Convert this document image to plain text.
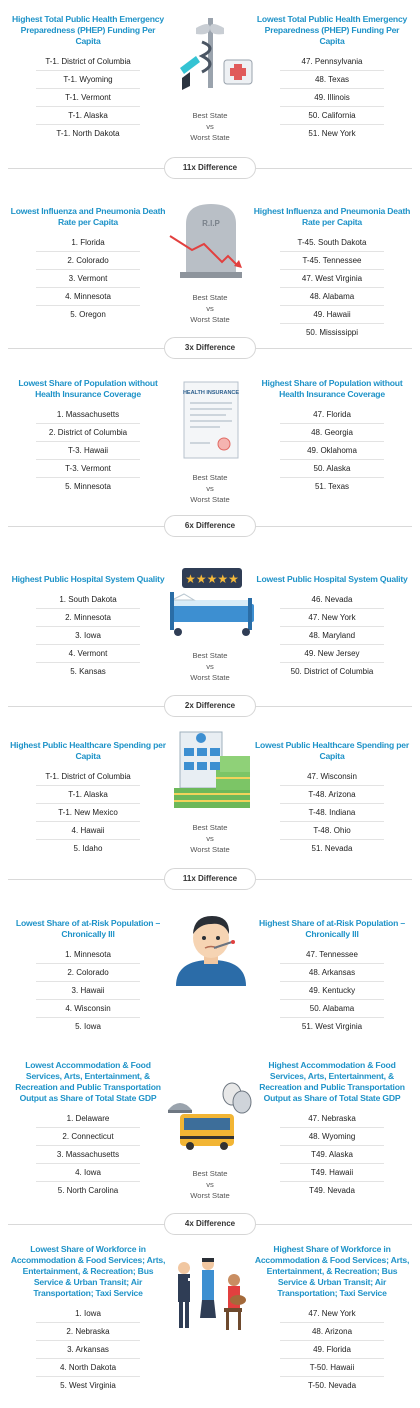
Highest Total Public Health Emergency Preparedness (PHEP) Funding Per Capita
T-1. District of Columbia
T-1. Wyoming
T-1. Vermont
T-1. Alaska
T-1. North Dakota
Best State
vs
Worst State
Lowest Total Public Health Emergency Preparedness (PHEP) Funding Per Capita
47. Pennsylvania
48. Texas
49. Illinois
50. California
51. New York
11x Difference
Lowest Influenza and Pneumonia Death Rate per Capita
1. Florida
2. Colorado
3. Vermont
4. Minnesota
5. Oregon
R.I.P
Best State
vs
Worst State
Highest Influenza and Pneumonia Death Rate per Capita
T-45. South Dakota
T-45. Tennessee
47. West Virginia
48. Alabama
49. Hawaii
50. Mississippi
3x Difference
Lowest Share of Population without Health Insurance Coverage
1. Massachusetts
2. District of Columbia
T-3. Hawaii
T-3. Vermont
5. Minnesota
HEALTH INSURANCE
Best State
vs
Worst State
Highest Share of Population without Health Insurance Coverage
47. Florida
48. Georgia
49. Oklahoma
50. Alaska
51. Texas
6x Difference
Highest Public Hospital System Quality
1. South Dakota
2. Minnesota
3. Iowa
4. Vermont
5. Kansas
★★★★★
Best State
vs
Worst State
Lowest Public Hospital System Quality
46. Nevada
47. New York
48. Maryland
49. New Jersey
50. District of Columbia
2x Difference
Highest Public Healthcare Spending per Capita
T-1. District of Columbia
T-1. Alaska
T-1. New Mexico
4. Hawaii
5. Idaho
Best State
vs
Worst State
Lowest Public Healthcare Spending per Capita
47. Wisconsin
T-48. Arizona
T-48. Indiana
T-48. Ohio
51. Nevada
11x Difference
Lowest Share of at-Risk Population – Chronically Ill
1. Minnesota
2. Colorado
3. Hawaii
4. Wisconsin
5. Iowa
Highest Share of at-Risk Population – Chronically Ill
47. Tennessee
48. Arkansas
49. Kentucky
50. Alabama
51. West Virginia
Lowest Accommodation & Food Services, Arts, Entertainment, & Recreation and Public Transportation Output as Share of Total State GDP
1. Delaware
2. Connecticut
3. Massachusetts
4. Iowa
5. North Carolina
Best State
vs
Worst State
Highest Accommodation & Food Services, Arts, Entertainment, & Recreation and Public Transportation Output as Share of Total State GDP
47. Nebraska
48. Wyoming
T49. Alaska
T49. Hawaii
T49. Nevada
4x Difference
Lowest Share of Workforce in Accommodation & Food Services; Arts, Entertainment, & Recreation; Bus Service & Urban Transit; Air Transportation; Taxi Service
1. Iowa
2. Nebraska
3. Arkansas
4. North Dakota
5. West Virginia
Highest Share of Workforce in Accommodation & Food Services; Arts, Entertainment, & Recreation; Bus Service & Urban Transit; Air Transportation; Taxi Service
47. New York
48. Arizona
49. Florida
T-50. Hawaii
T-50. Nevada
